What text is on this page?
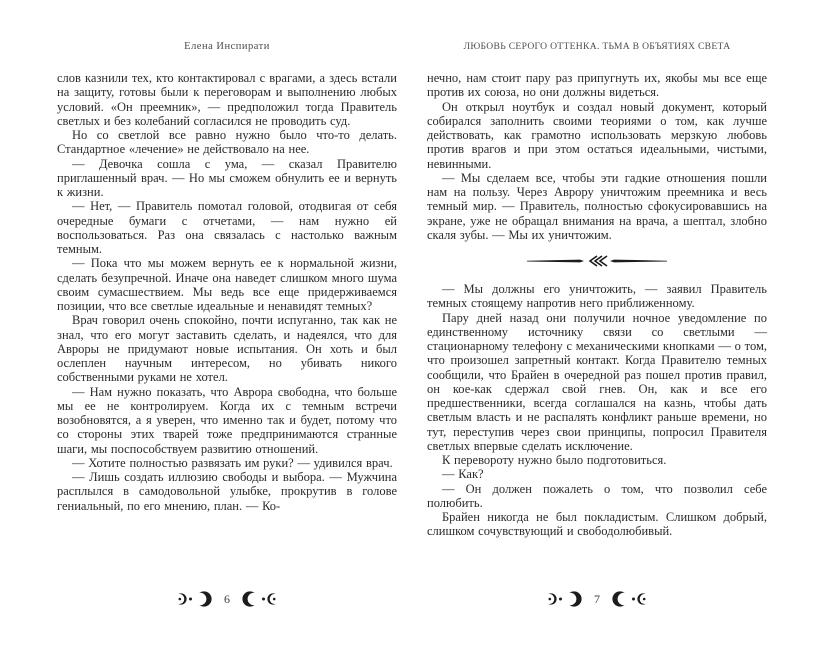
Елена Инспирати

слов казнили тех, кто контактировал с врагами, а здесь встали на защиту, готовы были к переговорам и выполнению любых условий. «Он преемник», — предположил тогда Правитель светлых и без колебаний согласился не проводить суд.

Но со светлой все равно нужно было что-то делать. Стандартное «лечение» не действовало на нее.

— Девочка сошла с ума, — сказал Правителю приглашенный врач. — Но мы сможем обнулить ее и вернуть к жизни.

— Нет, — Правитель помотал головой, отодвигая от себя очередные бумаги с отчетами, — нам нужно ей воспользоваться. Раз она связалась с настолько важным темным.

— Пока что мы можем вернуть ее к нормальной жизни, сделать безупречной. Иначе она наведет слишком много шума своим сумасшествием. Мы ведь все еще придерживаемся позиции, что все светлые идеальные и ненавидят темных?

Врач говорил очень спокойно, почти испуганно, так как не знал, что его могут заставить сделать, и надеялся, что для Авроры не придумают новые испытания. Он хоть и был ослеплен научным интересом, но убивать никого собственными руками не хотел.

— Нам нужно показать, что Аврора свободна, что больше мы ее не контролируем. Когда их с темным встречи возобновятся, а я уверен, что именно так и будет, потому что со стороны этих тварей тоже предпринимаются странные шаги, мы поспособствуем развитию отношений.

— Хотите полностью развязать им руки? — удивился врач.

— Лишь создать иллюзию свободы и выбора. — Мужчина расплылся в самодовольной улыбке, прокрутив в голове гениальный, по его мнению, план. — Ко-

6
ЛЮБОВЬ СЕРОГО ОТТЕНКА. ТЬМА В ОБЪЯТИЯХ СВЕТА

нечно, нам стоит пару раз припугнуть их, якобы мы все еще против их союза, но они должны видеться.

Он открыл ноутбук и создал новый документ, который собирался заполнить своими теориями о том, как лучше действовать, как грамотно использовать мерзкую любовь против врагов и при этом остаться идеальными, чистыми, невинными.

— Мы сделаем все, чтобы эти гадкие отношения пошли нам на пользу. Через Аврору уничтожим преемника и весь темный мир. — Правитель, полностью сфокусировавшись на экране, уже не обращал внимания на врача, а шептал, злобно скаля зубы. — Мы их уничтожим.

— Мы должны его уничтожить, — заявил Правитель темных стоящему напротив него приближенному.

Пару дней назад они получили ночное уведомление по единственному источнику связи со светлыми — стационарному телефону с механическими кнопками — о том, что произошел запретный контакт. Когда Правителю темных сообщили, что Брайен в очередной раз пошел против правил, он кое-как сдержал свой гнев. Он, как и все его предшественники, всегда соглашался на казнь, чтобы дать светлым власть и не распалять конфликт раньше времени, но тут, переступив через свои принципы, попросил Правителя светлых впервые сделать исключение.

К перевороту нужно было подготовиться.

— Как?

— Он должен пожалеть о том, что позволил себе полюбить.

Брайен никогда не был покладистым. Слишком добрый, слишком сочувствующий и свободолюбивый.

7
